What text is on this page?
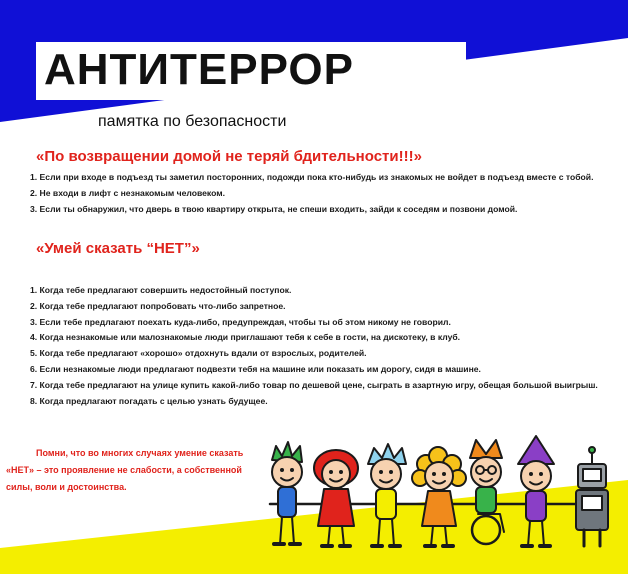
АНТИТЕРРОР
памятка по безопасности
«По возвращении домой не теряй бдительности!!!»
1. Если при входе в подъезд ты заметил посторонних, подожди пока кто-нибудь из знакомых не войдет в подъезд вместе с тобой.
2. Не входи в лифт с незнакомым человеком.
3. Если ты обнаружил, что дверь в твою квартиру открыта, не спеши входить, зайди к соседям и позвони домой.
«Умей сказать “НЕТ”»
1. Когда тебе предлагают совершить недостойный поступок.
2. Когда тебе предлагают попробовать что-либо запретное.
3. Если тебе предлагают поехать куда-либо, предупреждая, чтобы ты об этом никому не говорил.
4. Когда незнакомые или малознакомые люди приглашают тебя к себе в гости, на дискотеку, в клуб.
5. Когда тебе предлагают «хорошо» отдохнуть вдали от взрослых, родителей.
6. Если незнакомые люди предлагают подвезти тебя на машине или показать им дорогу, сидя в машине.
7. Когда тебе предлагают на улице купить какой-либо товар по дешевой цене, сыграть в азартную игру, обещая большой выигрыш.
8. Когда предлагают погадать с целью узнать будущее.

Помни, что во многих случаях умение сказать «НЕТ» – это проявление не слабости, а собственной силы, воли и достоинства.
